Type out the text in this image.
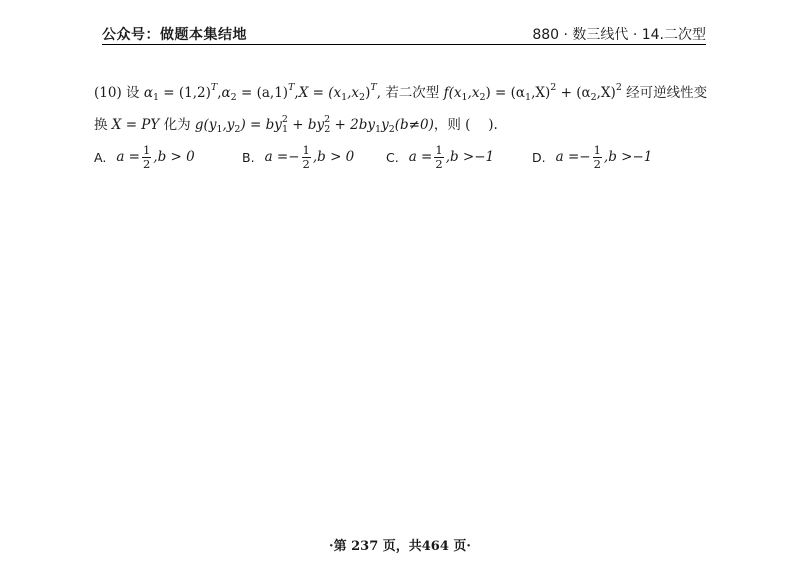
公众号：做题本集结地	880 · 数三线代 · 14.二次型
(10) 设 $\alpha_1 = (1,2)^T,\alpha_2 = (a,1)^T,X = (x_1,x_2)^T$, 若二次型 $f(x_1,x_2) = (\alpha_1,X)^2 + (\alpha_2,X)^2$ 经可逆线性变
换 X = PY 化为 $g(y_1,y_2) = by^2_1 + by^2_2 + 2by_1y_2(b\ne 0)$，则 (　 ).
A. $a = \frac{1}{2} ,b > 0$	B. a = − $\frac{1}{2} ,b > 0$	C. $a = \frac{1}{2} ,b >-1$	D. a = − $\frac{1}{2} ,b >-1$
·第 237 页，共464 页·
